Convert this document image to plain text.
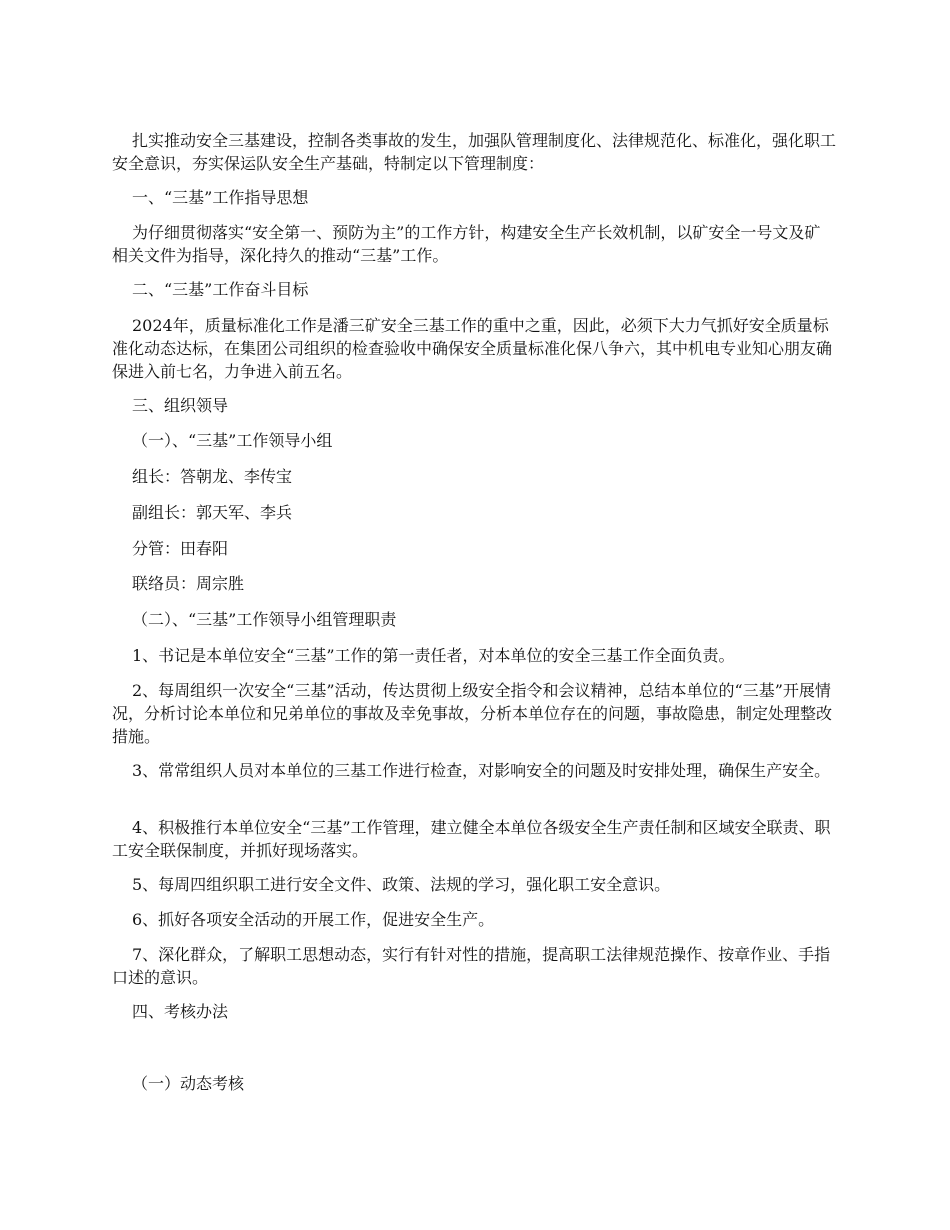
扎实推动安全三基建设，控制各类事故的发生，加强队管理制度化、法律规范化、标准化，强化职工安全意识，夯实保运队安全生产基础，特制定以下管理制度：

一、“三基”工作指导思想

为仔细贯彻落实“安全第一、预防为主”的工作方针，构建安全生产长效机制，以矿安全一号文及矿相关文件为指导，深化持久的推动“三基”工作。

二、“三基”工作奋斗目标

2024年，质量标准化工作是潘三矿安全三基工作的重中之重，因此，必须下大力气抓好安全质量标准化动态达标，在集团公司组织的检查验收中确保安全质量标准化保八争六，其中机电专业知心朋友确保进入前七名，力争进入前五名。

三、组织领导

（一）、“三基”工作领导小组

组长：答朝龙、李传宝

副组长：郭天军、李兵

分管：田春阳

联络员：周宗胜

（二）、“三基”工作领导小组管理职责

1、书记是本单位安全“三基”工作的第一责任者，对本单位的安全三基工作全面负责。

2、每周组织一次安全“三基”活动，传达贯彻上级安全指令和会议精神，总结本单位的“三基”开展情况，分析讨论本单位和兄弟单位的事故及幸免事故，分析本单位存在的问题，事故隐患，制定处理整改措施。

3、常常组织人员对本单位的三基工作进行检查，对影响安全的问题及时安排处理，确保生产安全。

4、积极推行本单位安全“三基”工作管理，建立健全本单位各级安全生产责任制和区域安全联责、职工安全联保制度，并抓好现场落实。

5、每周四组织职工进行安全文件、政策、法规的学习，强化职工安全意识。

6、抓好各项安全活动的开展工作，促进安全生产。

7、深化群众，了解职工思想动态，实行有针对性的措施，提高职工法律规范操作、按章作业、手指口述的意识。

四、考核办法

（一）动态考核
